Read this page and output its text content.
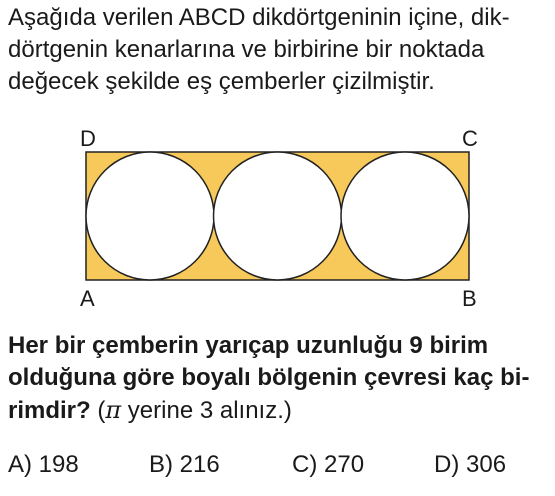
Aşağıda verilen ABCD dikdörtgeninin içine, dik-
dörtgenin kenarlarına ve birbirine bir noktada
değecek şekilde eş çemberler çizilmiştir.
D	C
A	B
Her bir çemberin yarıçap uzunluğu 9 birim
olduğuna göre boyalı bölgenin çevresi kaç bi-
rimdir? (π yerine 3 alınız.)
A) 198	B) 216	C) 270	D) 306
